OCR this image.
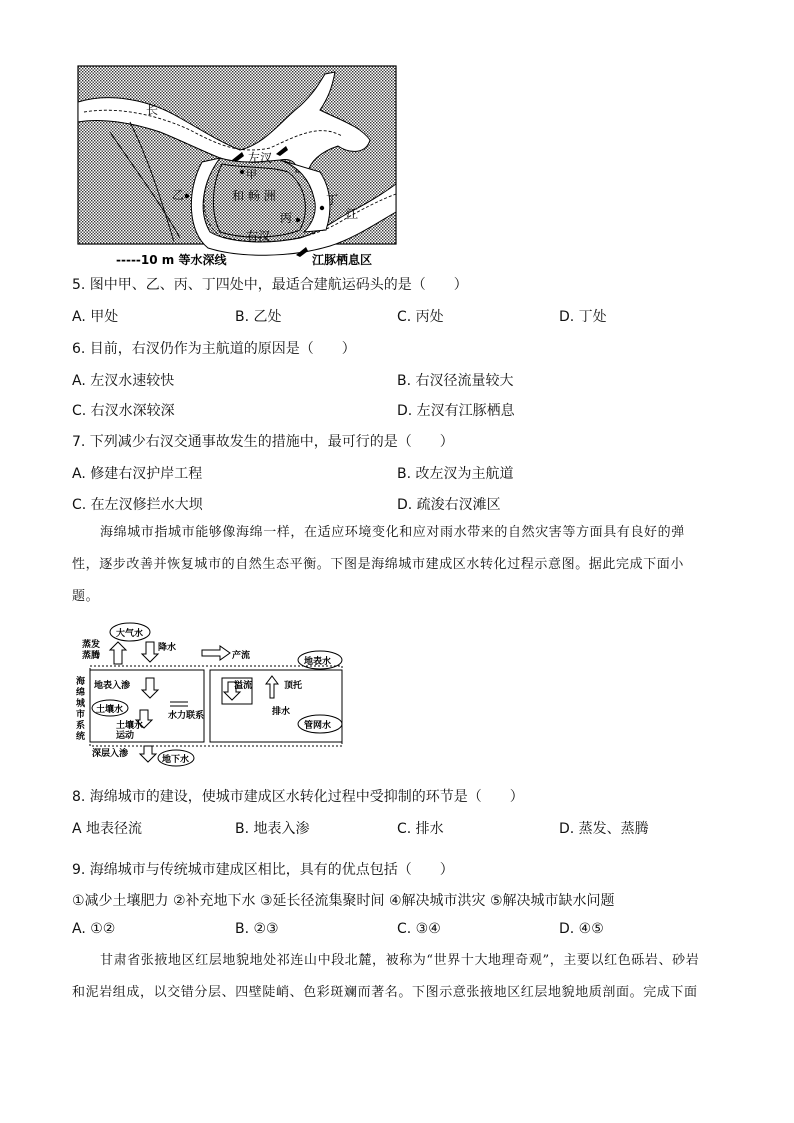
长
左汊
甲
乙	和 畅 洲
丙
丁
江
右汊
-----10 m 等水深线	江豚栖息区
5. 图中甲、乙、丙、丁四处中，最适合建航运码头的是（　　）
A. 甲处	B. 乙处	C. 丙处	D. 丁处
6. 目前，右汊仍作为主航道的原因是（　　）
A. 左汊水速较快	B. 右汊径流量较大
C. 右汊水深较深	D. 左汊有江豚栖息
7. 下列减少右汊交通事故发生的措施中，最可行的是（　　）
A. 修建右汊护岸工程	B. 改左汊为主航道
C. 在左汊修拦水大坝	D. 疏浚右汊滩区
海绵城市指城市能够像海绵一样，在适应环境变化和应对雨水带来的自然灾害等方面具有良好的弹
性，逐步改善并恢复城市的自然生态平衡。下图是海绵城市建成区水转化过程示意图。据此完成下面小
题。
大气水
蒸发
蒸腾
降水
产流
地表水
海
绵
城
市
系
统
地表入渗
土壤水
水力联系
土壤水
运动
溢流	顶托
排水
管网水
深层入渗
地下水
8. 海绵城市的建设，使城市建成区水转化过程中受抑制的环节是（　　）
A 地表径流	B. 地表入渗	C. 排水	D. 蒸发、蒸腾
9. 海绵城市与传统城市建成区相比，具有的优点包括（　　）
①减少土壤肥力 ②补充地下水 ③延长径流集聚时间 ④解决城市洪灾 ⑤解决城市缺水问题
A. ①②	B. ②③	C. ③④	D. ④⑤
甘肃省张掖地区红层地貌地处祁连山中段北麓，被称为“世界十大地理奇观”，主要以红色砾岩、砂岩
和泥岩组成，以交错分层、四壁陡峭、色彩斑斓而著名。下图示意张掖地区红层地貌地质剖面。完成下面
